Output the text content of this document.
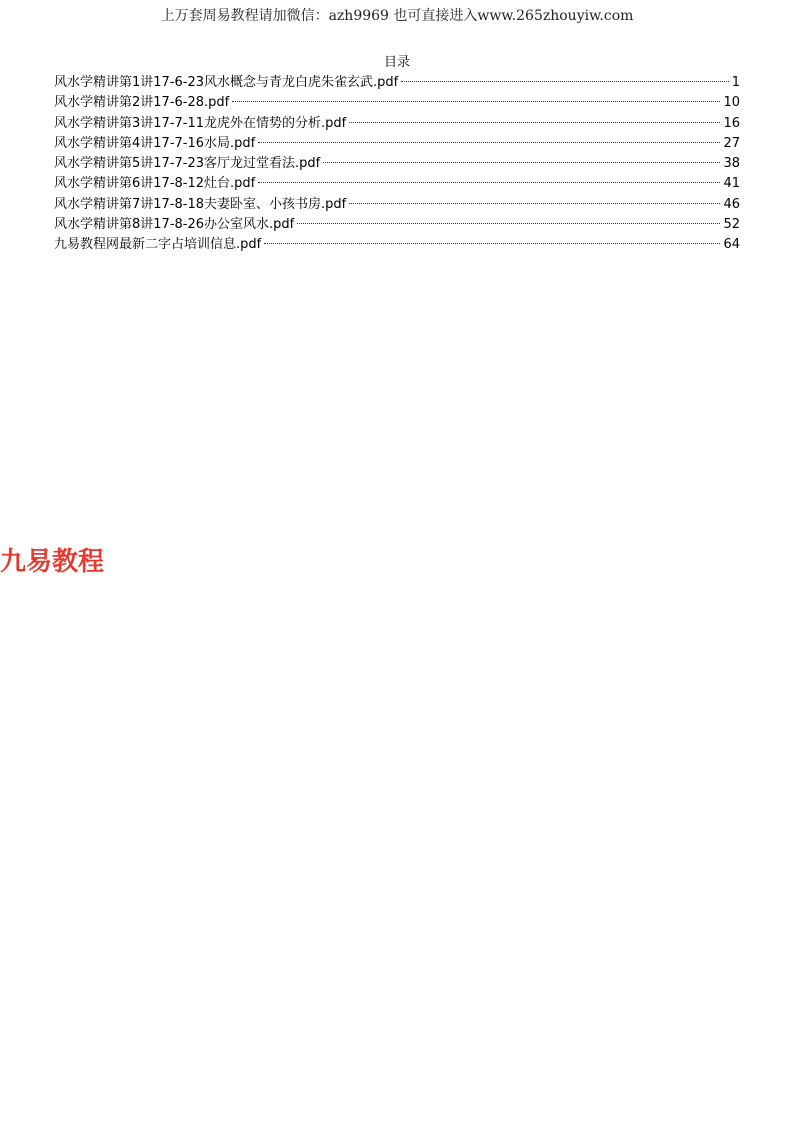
上万套周易教程请加微信：azh9969 也可直接进入www.265zhouyiw.com
目录
风水学精讲第1讲17-6-23风水概念与青龙白虎朱雀玄武.pdf	1
风水学精讲第2讲17-6-28.pdf	10
风水学精讲第3讲17-7-11龙虎外在情势的分析.pdf	16
风水学精讲第4讲17-7-16水局.pdf	27
风水学精讲第5讲17-7-23客厅龙过堂看法.pdf	38
风水学精讲第6讲17-8-12灶台.pdf	41
风水学精讲第7讲17-8-18夫妻卧室、小孩书房.pdf	46
风水学精讲第8讲17-8-26办公室风水.pdf	52
九易教程网最新二字占培训信息.pdf	64
九易教程
